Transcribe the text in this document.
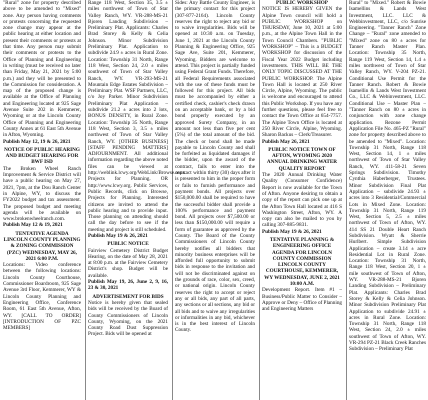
"Rural" zone for property described above to be amended to "Mixed" zone. Any person having comments or protests concerning the requested zone change may appear at the public hearing at either location and present their comments or protests at that time. Any person may submit their comments or protests to the Office of Planning and Engineering in writing (must be received no later than Friday, May 21, 2021 by 5:00 p.m.) and they will be presented to the Commission for consideration. A map of the proposed change is available at the Office of Planning and Engineering located at 925 Sage Avenue Suite 202 in Kemmerer, Wyoming or at the Lincoln County Office of Planning and Engineering County Annex at 61 East 5th Avenue in Afton, Wyoming.

Publish May 12, 19 & 26, 2021

NOTICE OF PUBLIC HEARING AND BUDGET HEARING FOR BWF ISD

The Broken Wheel Ranch Improvement & Service District will have a public hearing on May 27, 2021, 7pm, at the Dou Ranch Center in Alpine, WY, to discuss the FY2022 budget and tax assessment. The proposed budget and meeting agenda will be available on www.brokenwheelranch.com.

Publish May 12 & 19, 2021

TENTATIVE AGENDA LINCOLN COUNTY PLANNING & ZONING COMMISSION (PZC) WEDNESDAY, MAY 26, 2021 6:00 P.M.

Locations: Video conference between the following locations: Lincoln County Courthouse, Commissioner Boardroom, 925 Sage Avenue 3rd Floor, Kemmerer, WY & Lincoln County Planning and Engineering Office, Conference Room, 61 East 5th Avenue, Afton, WY. [CALL TO ORDER] [INTRODUCTION OF PZC MEMBERS]

Range 118 West, Section 35, 3.5 ± miles northwest of Town of Star Valley Ranch, WY. VR-288-MS-21 Bjoren Landing Subdivision – Preliminary Plat. Applicants: Charles Brad Storey & Kelly & Celia Johnson. Minor Subdivision Preliminary Plat. Application to subdivide 24.9 ± acres in Rural Zone. Location: Township 31 North, Range 118 West, Section 24, 2.0 ± miles southwest of Town of Star Valley Ranch, WY. VR-293-MS-21 Mountain Edge Estates Subdivision – Preliminary Plat. WSF Partners, LLC, c/o Joy Parker. Minor Subdivision Preliminary Plat Application – subdivide 21.2 ± acres into 2 lots, BONUS DENSITY, in Rural Zone. Location: Township 35 North, Range 118 West, Section 3, 3.5 ± miles northwest of Town of Star Valley Ranch, WY. [OTHER BUSINESS] [STAFF PENDING MATTERS] ADJOURNMENT. All additional information regarding the above noted files can be viewed at http://weblink.lcwy.org/WebLink/Browse.aspx. Projects for Planning. OR http://www.lcwy.org. Public Services, Public Records, click on Browse, Projects for Planning. Interested citizens are invited to attend the public hearing and to provide input. Those planning on attending should call the day before to see if the meeting and project is still scheduled.

Publish May 19 & 26, 2021

PUBLIC NOTICE

Fairview Cemetery District Budget Hearing, on the date of May 28, 2021 at 8:00 p.m. at the Fairview Cemetery District's shop. Budget will be available.

Publish May 19, 26, June 2, 9, 16, 23 & 30, 2021

ADVERTISEMENT FOR BIDS

Notice is hereby given that sealed bids will be received by the Board of County Commissioners of Lincoln County, Wyoming, on the 2021 County Road Dust Suppression Project. Bids will be opened at

Sides: Any Battle County Engineer, is the primary contact for this project (307-877-2164). Lincoln County reserves the right to reject any bid or to waive irregularities. Bids will be opened at 10:30 a.m. on Tuesday, June 1, 2021 at the Lincoln County Planning & Engineering Office, 925 Sage Ave, Suite 201, Kemmerer, Wyoming. Bidders are welcome to attend. This project is partially funded using Federal Grant Funds. Therefore, all Federal Requirements associated with the use of these funds must be followed for this project. All bids must be accompanied by either a certified check, cashier's check drawn on an acceptable bank, or by a bid bond properly executed by an approved Surety Company, in an amount not less than five per cent (5%) of the total amount of the bid. The check or bond shall be made payable to Lincoln County and shall be forfeited as liquidated damages if the bidder, upon the award of the contract, fails to enter into the contract within thirty (30) days after it is presented to him in the proper form or fails to furnish performance and payment bonds. All projects over $150,000.00 shall be required to have the successful bidder shall provide a 100% performance and payment bond. All projects over $7,500.00 or less than $150,000.00 will require a form of guarantee as approved by the County. The Board of the County Commissioners of Lincoln County hereby notifies all bidders that minority business enterprises will be afforded full opportunity to submit bids in response to the invitation and will not be discriminated against on the grounds of race, color, sex, creed, or national origin. Lincoln County reserves the right to accept or reject any or all bids, any part of all parts, any sections or all sections, any bid or all bids and to waive any irregularities or informalities in any bid, whichever is in the best interest of Lincoln County.

PUBLIC WORKSHOP

NOTICE IS HEREBY GIVEN the Alpine Town council will hold a PUBLIC WORKSHOP on THURSDAY, June 10, 2021 at 5:00 p.m., at the Alpine Town Hall in the Town Council Chambers. "PUBLIC WORKSHOP" – This is a BUDGET WORKSHOP for discussion of the Fiscal Year 2022 Budget including investments. THIS WILL BE THE ONLY TOPIC DISCUSSED AT THE PUBLIC WORKSHOP. The Alpine Town Hall is located at 250 River Circle, Alpine, Wyoming. The public is welcome and encouraged to attend this Public Workshop. If you have any further questions, please feel free to contact the Town Office at 654-7757. The Alpine Town Office is located at 250 River Circle, Alpine, Wyoming. Sharon Backus – Clerk/Treasurer.

Publish May 26, 2021

PUBLIC NOTICE TOWN OF AFTON, WYOMING 2020 ANNUAL DRINKING WATER QUALITY REPORT

The 2020 Annual Drinking Water Quality (Consumer Confidence) Report is now available for the Town of Afton. Anyone desiring to obtain a copy of the report can pick one up at the Afton Town Hall located at 416 S Washington Street, Afton, WY. A copy can also be mailed to you by calling 307-885-9831.

Publish May 19 & 26, 2021

TENTATIVE PLANNING & ENGINEERING OFFICE AGENDA FOR LINCOLN COUNTY COMMISSION LINCOLN COUNTY COURTHOUSE, KEMMERER, WY WEDNESDAY, JUNE 2, 2021 10:00 A.M.

Development Report. Item #1 – Business/Public Matter to Consider – Approve or Deny – Office of Planning and Engineering Matters

Rural" to "Mixed." Robert & Bowie Isamellins & Lands West Investment, LLC. LLC & Webbinvestment, LLC, c/o Sunrise Engineering. "Tanner Ranch" Zone Change – "Rural" zone amended to "Mixed" zone on 80 ± acres for Tanner Ranch Master Plan. Location: Township 35 North, Range 119 West, Section 14, 1.4 ± miles northwest of Town of Star Valley Ranch, WY. V-204 PZ-21. Conditional Use Permit for the Tanner Ranch. Robert & Bowie Isamellin & Lands West Investment Co., LLC & Webinvestment, LLC. Conditional Use – Master Plan – "Tanner Ranch on 80 ± acres in conjunction with zone change application. Rezone Permit Application File No. 465-PZ "Rural" zone for property described above to be amended to "Mixed". Location: Township 31 North, Range 118 West, Section 14, 1 ± miles northwest of Town of Star Valley Ranch, WY. 411-58-21 Seven Springs Subdivision. Timothy Cynthia Haberberger, Trustees. Minor Subdivision Final Plat Application – subdivide 24.93 ± acres into 3 Residential/Commercial Lots in Mixed Zone. Location: Township 31 North, Range 119 West, Section 5, 2.5 ± miles northwest of Town of Afton, WY. 414 SS 21 Double Heart Ranch Subdivision. Wyatt & Sherrie Hurlbert. Simple Subdivision Application – create 3.14 ± acre Residential Lot in Rural Zone. Location: Township 31 North, Range 118 West, Section 20, 1 ± mile southwest of Town of Afton, WY. VR-288-MS-21 Bjoren Landing Subdivision – Preliminary Plat. Applicants: Charles Brad Storey & Kelly & Celia Johnson. Minor Subdivision Preliminary Plat Application to subdivide 24.91 ± acres in Rural Zone. Location: Township 31 North, Range 118 West, Section 24, 2.0 ± miles southwest of Town of Afton, WY. VR-294 PZ-21 Black Creek Ranches Subdivision – Preliminary Plat
